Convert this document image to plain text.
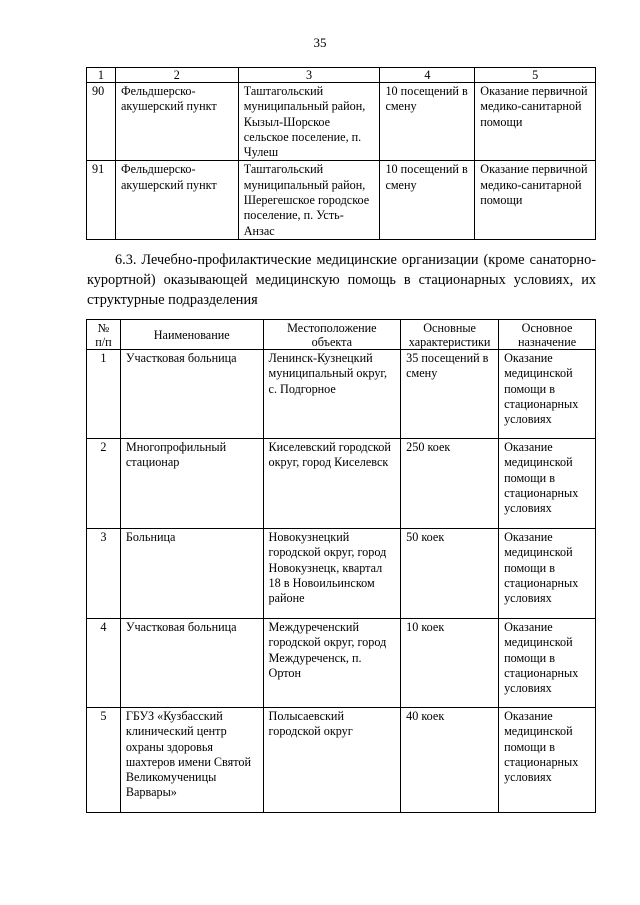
35
1	2	3	4	5
90	Фельдшерско-акушерский пункт	Таштагольский муниципальный район, Кызыл-Шорское сельское поселение, п. Чулеш	10 посещений в смену	Оказание первичной медико-санитарной помощи
91	Фельдшерско-акушерский пункт	Таштагольский муниципальный район, Шерегешское городское поселение, п. Усть-Анзас	10 посещений в смену	Оказание первичной медико-санитарной помощи
6.3. Лечебно-профилактические медицинские организации (кроме санаторно-курортной) оказывающей медицинскую помощь в стационарных условиях, их структурные подразделения
№ п/п	Наименование	Местоположение объекта	Основные характеристики	Основное назначение
1	Участковая больница	Ленинск-Кузнецкий муниципальный округ, с. Подгорное	35 посещений в смену	Оказание медицинской помощи в стационарных условиях
2	Многопрофильный стационар	Киселевский городской округ, город Киселевск	250 коек	Оказание медицинской помощи в стационарных условиях
3	Больница	Новокузнецкий городской округ, город Новокузнецк, квартал 18 в Новоильинском районе	50 коек	Оказание медицинской помощи в стационарных условиях
4	Участковая больница	Междуреченский городской округ, город Междуреченск, п. Ортон	10 коек	Оказание медицинской помощи в стационарных условиях
5	ГБУЗ «Кузбасский клинический центр охраны здоровья шахтеров имени Святой Великомученицы Варвары»	Полысаевский городской округ	40 коек	Оказание медицинской помощи в стационарных условиях
